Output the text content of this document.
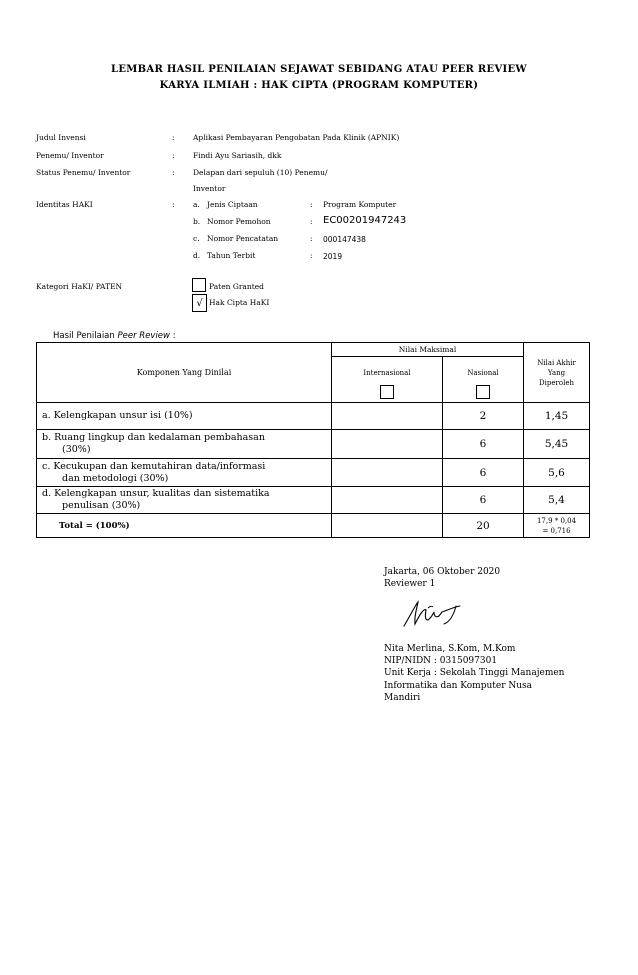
LEMBAR HASIL PENILAIAN SEJAWAT SEBIDANG ATAU PEER REVIEW
KARYA ILMIAH : HAK CIPTA (PROGRAM KOMPUTER)
Judul Invensi	: Aplikasi Pembayaran Pengobatan Pada Klinik (APNIK)
Penemu/ Inventor	: Findi Ayu Sariasih, dkk
Status Penemu/ Inventor	: Delapan dari sepuluh (10) Penemu/
Inventor
Identitas HAKI	: a. Jenis Ciptaan	: Program Komputer
b. Nomor Pemohon	: EC00201947243
c. Nomor Pencatatan	: 000147438
d. Tahun Terbit	: 2019
Kategori HaKI/ PATEN	Paten Granted
√ Hak Cipta HaKI
Hasil Penilaian Peer Review :
Komponen Yang Dinilai	Nilai Maksimal		Nilai Akhir
Yang
Diperoleh

	Internasional	Nasional	

a. Kelengkapan unsur isi (10%)		2	1,45

b. Ruang lingkup dan kedalaman pembahasan
(30%)		6	5,45

c. Kecukupan dan kemutahiran data/informasi
dan metodologi (30%)		6	5,6

d. Kelengkapan unsur, kualitas dan sistematika
penulisan (30%)		6	5,4
Total = (100%)		20	17,9 * 0,04
= 0,716
Jakarta, 06 Oktober 2020
Reviewer 1
Nita Merlina, S.Kom, M.Kom
NIP/NIDN : 0315097301
Unit Kerja : Sekolah Tinggi Manajemen
Informatika dan Komputer Nusa
Mandiri
